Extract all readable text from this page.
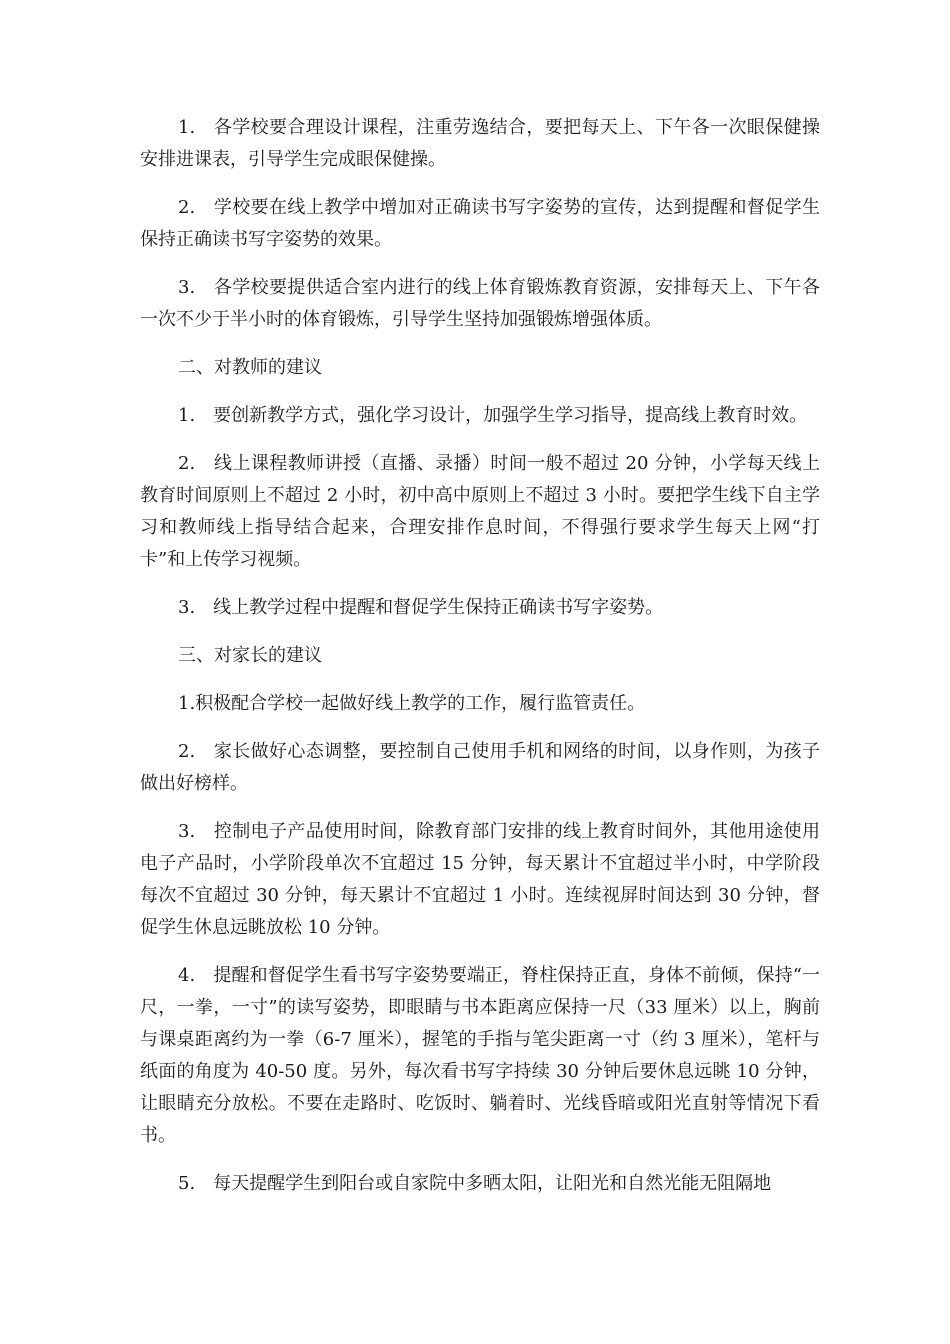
1.　各学校要合理设计课程，注重劳逸结合，要把每天上、下午各一次眼保健操安排进课表，引导学生完成眼保健操。

2.　学校要在线上教学中增加对正确读书写字姿势的宣传，达到提醒和督促学生保持正确读书写字姿势的效果。

3.　各学校要提供适合室内进行的线上体育锻炼教育资源，安排每天上、下午各一次不少于半小时的体育锻炼，引导学生坚持加强锻炼增强体质。

二、对教师的建议

1.　要创新教学方式，强化学习设计，加强学生学习指导，提高线上教育时效。

2.　线上课程教师讲授（直播、录播）时间一般不超过 20 分钟，小学每天线上教育时间原则上不超过 2 小时，初中高中原则上不超过 3 小时。要把学生线下自主学习和教师线上指导结合起来，合理安排作息时间，不得强行要求学生每天上网“打卡”和上传学习视频。

3.　线上教学过程中提醒和督促学生保持正确读书写字姿势。

三、对家长的建议

1.积极配合学校一起做好线上教学的工作，履行监管责任。

2.　家长做好心态调整，要控制自己使用手机和网络的时间，以身作则，为孩子做出好榜样。

3.　控制电子产品使用时间，除教育部门安排的线上教育时间外，其他用途使用电子产品时，小学阶段单次不宜超过 15 分钟，每天累计不宜超过半小时，中学阶段每次不宜超过 30 分钟，每天累计不宜超过 1 小时。连续视屏时间达到 30 分钟，督促学生休息远眺放松 10 分钟。

4.　提醒和督促学生看书写字姿势要端正，脊柱保持正直，身体不前倾，保持“一尺，一拳，一寸”的读写姿势，即眼睛与书本距离应保持一尺（33 厘米）以上，胸前与课桌距离约为一拳（6-7 厘米），握笔的手指与笔尖距离一寸（约 3 厘米），笔杆与纸面的角度为 40-50 度。另外，每次看书写字持续 30 分钟后要休息远眺 10 分钟，让眼睛充分放松。不要在走路时、吃饭时、躺着时、光线昏暗或阳光直射等情况下看书。

5.　每天提醒学生到阳台或自家院中多晒太阳，让阳光和自然光能无阻隔地
